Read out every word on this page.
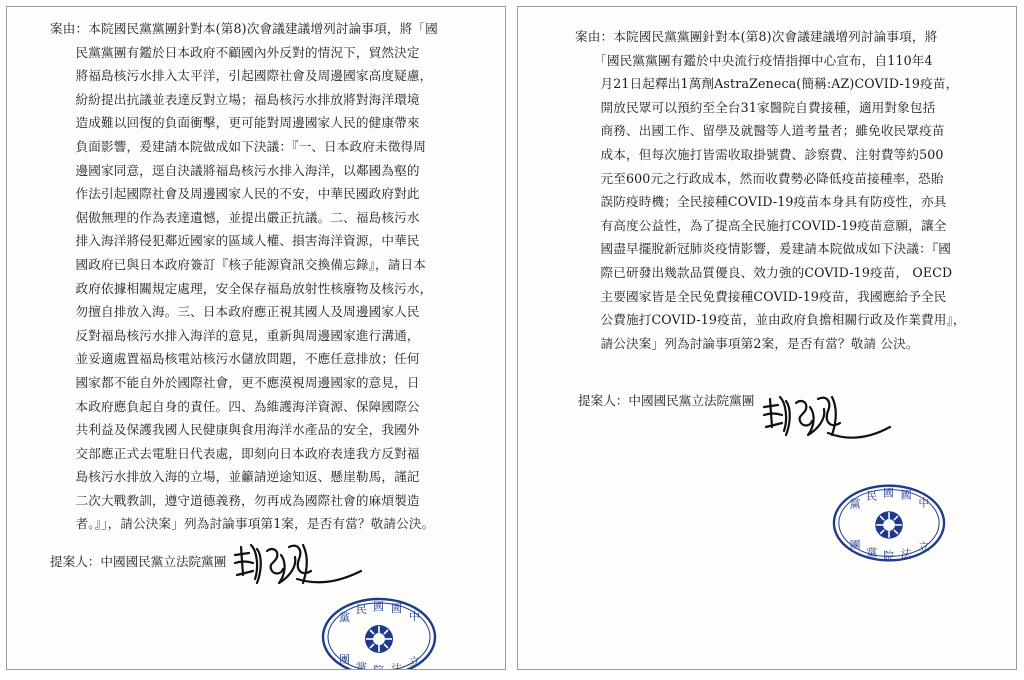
案由：本院國民黨黨團針對本(第8)次會議建議增列討論事項，將「國
　　民黨黨團有鑑於日本政府不顧國內外反對的情況下，貿然決定
　　將福島核污水排入太平洋，引起國際社會及周邊國家高度疑慮，
　　紛紛提出抗議並表達反對立場；福島核污水排放將對海洋環境
　　造成難以回復的負面衝擊，更可能對周邊國家人民的健康帶來
　　負面影響，爰建請本院做成如下決議：『一、日本政府未徵得周
　　邊國家同意，逕自決議將福島核污水排入海洋，以鄰國為壑的
　　作法引起國際社會及周邊國家人民的不安，中華民國政府對此
　　倨傲無理的作為表達遺憾，並提出嚴正抗議。二、福島核污水
　　排入海洋將侵犯鄰近國家的區域人權、損害海洋資源，中華民
　　國政府已與日本政府簽訂『核子能源資訊交換備忘錄』，請日本
　　政府依據相關規定處理，安全保存福島放射性核廢物及核污水，
　　勿擅自排放入海。三、日本政府應正視其國人及周邊國家人民
　　反對福島核污水排入海洋的意見，重新與周邊國家進行溝通，
　　並妥適處置福島核電站核污水儲放問題，不應任意排放；任何
　　國家都不能自外於國際社會，更不應漠視周邊國家的意見，日
　　本政府應負起自身的責任。四、為維護海洋資源、保障國際公
　　共利益及保護我國人民健康與食用海洋水產品的安全，我國外
　　交部應正式去電駐日代表處，即刻向日本政府表達我方反對福
　　島核污水排放入海的立場，並籲請逆途知返、懸崖勒馬，謹記
　　二次大戰教訓，遵守道德義務，勿再成為國際社會的麻煩製造
　　者。』」，請公決案」列為討論事項第1案，是否有當？敬請公決。
提案人：中國國民黨立法院黨團
黨
民 國 國
中
團
黨 院 法
立
案由：本院國民黨黨團針對本(第8)次會議建議增列討論事項，將
　　「國民黨黨團有鑑於中央流行疫情指揮中心宣布，自110年4
　　月21日起釋出1萬劑AstraZeneca(簡稱:AZ)COVID-19疫苗，
　　開放民眾可以預約至全台31家醫院自費接種，適用對象包括
　　商務、出國工作、留學及就醫等人道考量者；雖免收民眾疫苗
　　成本，但每次施打皆需收取掛號費、診察費、注射費等約500
　　元至600元之行政成本，然而收費勢必降低疫苗接種率，恐貽
　　誤防疫時機；全民接種COVID-19疫苗本身具有防疫性，亦具
　　有高度公益性，為了提高全民施打COVID-19疫苗意願，讓全
　　國盡早擺脫新冠肺炎疫情影響，爰建請本院做成如下決議：『國
　　際已研發出幾款品質優良、效力強的COVID-19疫苗， OECD
　　主要國家皆是全民免費接種COVID-19疫苗，我國應給予全民
　　公費施打COVID-19疫苗，並由政府負擔相關行政及作業費用』，
　　請公決案」列為討論事項第2案，是否有當？敬請 公決。
提案人：中國國民黨立法院黨團
黨
民 國 國
中
團
黨 院 法
立
